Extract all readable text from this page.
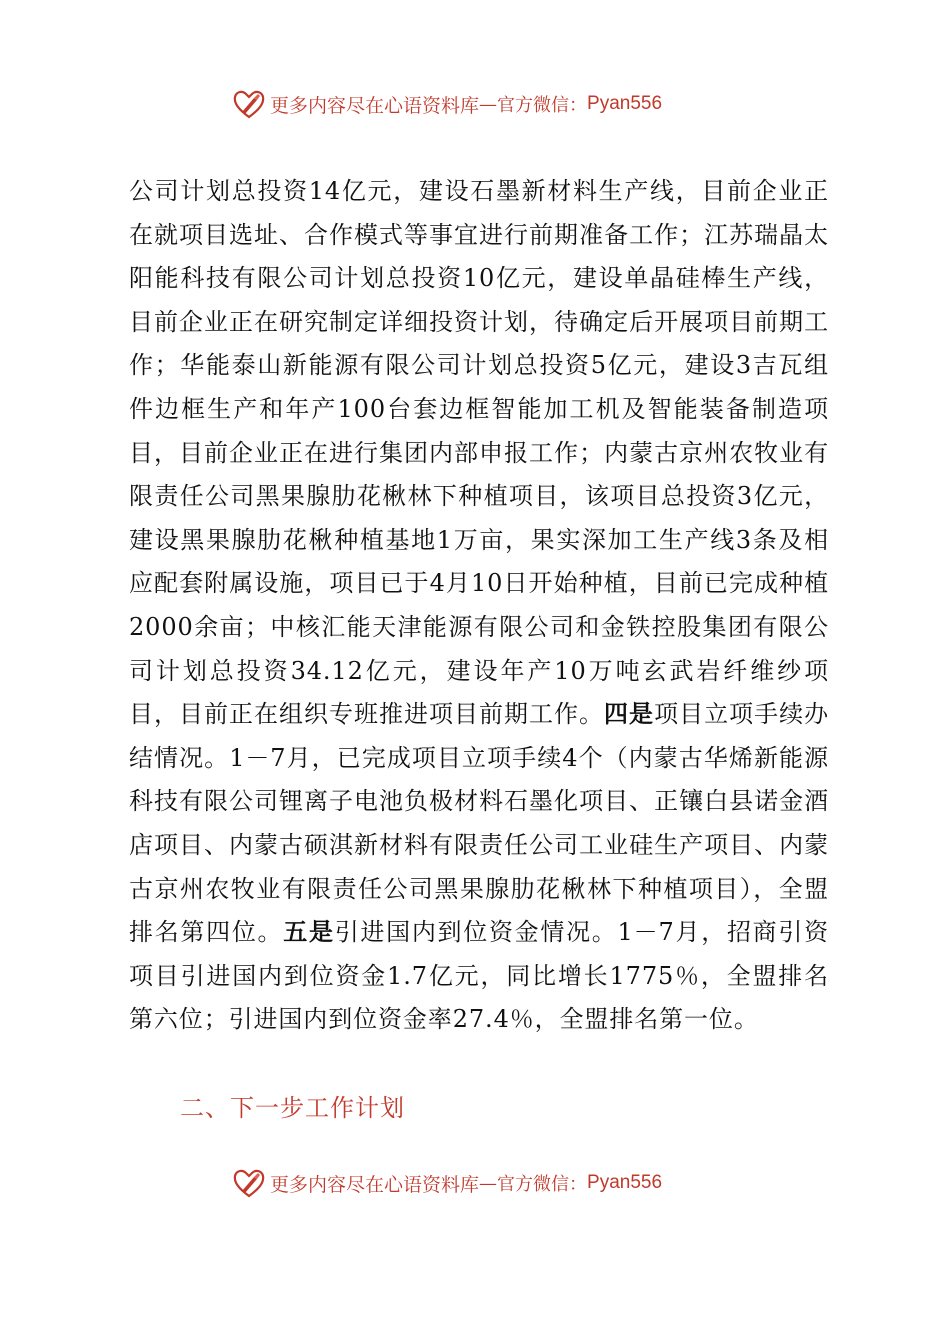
更多内容尽在心语资料库 — 官方微信： Pyan556

公司计划总投资14亿元，建设石墨新材料生产线，目前企业正在就项目选址、合作模式等事宜进行前期准备工作；江苏瑞晶太阳能科技有限公司计划总投资10亿元，建设单晶硅棒生产线，目前企业正在研究制定详细投资计划，待确定后开展项目前期工作；华能泰山新能源有限公司计划总投资5亿元，建设3吉瓦组件边框生产和年产100台套边框智能加工机及智能装备制造项目，目前企业正在进行集团内部申报工作；内蒙古京州农牧业有限责任公司黑果腺肋花楸林下种植项目，该项目总投资3亿元，建设黑果腺肋花楸种植基地1万亩，果实深加工生产线3条及相应配套附属设施，项目已于4月10日开始种植，目前已完成种植2000余亩；中核汇能天津能源有限公司和金铁控股集团有限公司计划总投资34.12亿元，建设年产10万吨玄武岩纤维纱项目，目前正在组织专班推进项目前期工作。四是项目立项手续办结情况。1－7月，已完成项目立项手续4个（内蒙古华烯新能源科技有限公司锂离子电池负极材料石墨化项目、正镶白县诺金酒店项目、内蒙古硕淇新材料有限责任公司工业硅生产项目、内蒙古京州农牧业有限责任公司黑果腺肋花楸林下种植项目），全盟排名第四位。五是引进国内到位资金情况。1－7月，招商引资项目引进国内到位资金1.7亿元，同比增长1775％，全盟排名第六位；引进国内到位资金率27.4％，全盟排名第一位。

二、下一步工作计划
更多内容尽在心语资料库 — 官方微信： Pyan556
